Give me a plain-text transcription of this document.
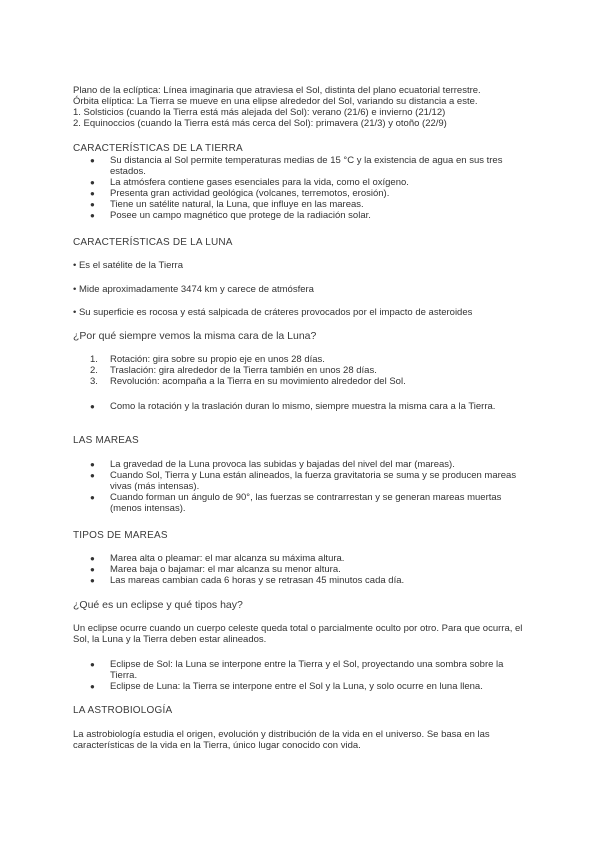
Plano de la eclíptica: Línea imaginaria que atraviesa el Sol, distinta del plano ecuatorial terrestre.

Órbita elíptica: La Tierra se mueve en una elipse alrededor del Sol, variando su distancia a este.

1. Solsticios (cuando la Tierra está más alejada del Sol): verano (21/6) e invierno (21/12)

2. Equinoccios (cuando la Tierra está más cerca del Sol): primavera (21/3) y otoño (22/9)

CARACTERÍSTICAS DE LA TIERRA

● Su distancia al Sol permite temperaturas medias de 15 °C y la existencia de agua en sus tres estados.
● La atmósfera contiene gases esenciales para la vida, como el oxígeno.
● Presenta gran actividad geológica (volcanes, terremotos, erosión).
● Tiene un satélite natural, la Luna, que influye en las mareas.
● Posee un campo magnético que protege de la radiación solar.

CARACTERÍSTICAS DE LA LUNA

• Es el satélite de la Tierra

• Mide aproximadamente 3474 km y carece de atmósfera

• Su superficie es rocosa y está salpicada de cráteres provocados por el impacto de asteroides

¿Por qué siempre vemos la misma cara de la Luna?

1. Rotación: gira sobre su propio eje en unos 28 días.
2. Traslación: gira alrededor de la Tierra también en unos 28 días.
3. Revolución: acompaña a la Tierra en su movimiento alrededor del Sol.
● Como la rotación y la traslación duran lo mismo, siempre muestra la misma cara a la Tierra.

LAS MAREAS

● La gravedad de la Luna provoca las subidas y bajadas del nivel del mar (mareas).
● Cuando Sol, Tierra y Luna están alineados, la fuerza gravitatoria se suma y se producen mareas vivas (más intensas).
● Cuando forman un ángulo de 90°, las fuerzas se contrarrestan y se generan mareas muertas (menos intensas).

TIPOS DE MAREAS

● Marea alta o pleamar: el mar alcanza su máxima altura.
● Marea baja o bajamar: el mar alcanza su menor altura.
● Las mareas cambian cada 6 horas y se retrasan 45 minutos cada día.

¿Qué es un eclipse y qué tipos hay?

Un eclipse ocurre cuando un cuerpo celeste queda total o parcialmente oculto por otro. Para que ocurra, el Sol, la Luna y la Tierra deben estar alineados.

● Eclipse de Sol: la Luna se interpone entre la Tierra y el Sol, proyectando una sombra sobre la Tierra.
● Eclipse de Luna: la Tierra se interpone entre el Sol y la Luna, y solo ocurre en luna llena.

LA ASTROBIOLOGÍA

La astrobiología estudia el origen, evolución y distribución de la vida en el universo. Se basa en las características de la vida en la Tierra, único lugar conocido con vida.
